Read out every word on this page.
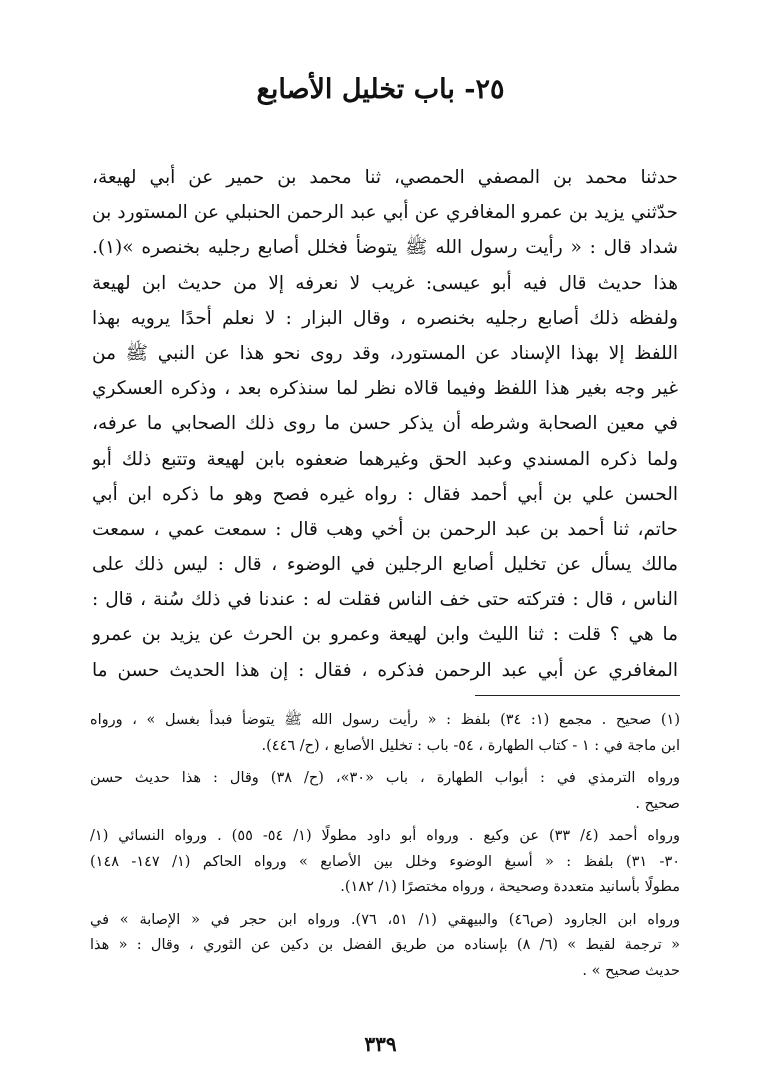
٢٥- باب تخليل الأصابع
حدثنا محمد بن المصفي الحمصي، ثنا محمد بن حمير عن أبي لهيعة،
حدّثني يزيد بن عمرو المغافري عن أبي عبد الرحمن الحنبلي عن المستورد بن
شداد قال : « رأيت رسول الله ﷺ يتوضأ فخلل أصابع رجليه بخنصره »(١).
هذا حديث قال فيه أبو عيسى: غريب لا نعرفه إلا من حديث ابن لهيعة
ولفظه ذلك أصابع رجليه بخنصره ، وقال البزار : لا نعلم أحدًا يرويه بهذا
اللفظ إلا بهذا الإسناد عن المستورد، وقد روى نحو هذا عن النبي ﷺ من
غير وجه بغير هذا اللفظ وفيما قالاه نظر لما سنذكره بعد ، وذكره العسكري
في معين الصحابة وشرطه أن يذكر حسن ما روى ذلك الصحابي ما عرفه،
ولما ذكره المسندي وعبد الحق وغيرهما ضعفوه بابن لهيعة وتتبع ذلك أبو
الحسن علي بن أبي أحمد فقال : رواه غيره فصح وهو ما ذكره ابن أبي
حاتم، ثنا أحمد بن عبد الرحمن بن أخي وهب قال : سمعت عمي ، سمعت
مالك يسأل عن تخليل أصابع الرجلين في الوضوء ، قال : ليس ذلك على
الناس ، قال : فتركته حتى خف الناس فقلت له : عندنا في ذلك سُنة ، قال :
ما هي ؟ قلت : ثنا الليث وابن لهيعة وعمرو بن الحرث عن يزيد بن عمرو
المغافري عن أبي عبد الرحمن فذكره ، فقال : إن هذا الحديث حسن ما
(١) صحيح . مجمع (١: ٣٤) بلفظ : « رأيت رسول الله ﷺ يتوضأ فبدأ بغسل » ، ورواه
ابن ماجة في : ١ - كتاب الطهارة ، ٥٤- باب : تخليل الأصابع ، (ح/ ٤٤٦).
ورواه الترمذي في : أبواب الطهارة ، باب «٣٠»، (ح/ ٣٨) وقال : هذا حديث حسن
صحيح .
ورواه أحمد (٤/ ٣٣) عن وكيع . ورواه أبو داود مطولًا (١/ ٥٤- ٥٥) . ورواه النسائي (١/
٣٠- ٣١) بلفظ : « أسبغ الوضوء وخلل بين الأصابع » ورواه الحاكم (١/ ١٤٧- ١٤٨)
مطولًا بأسانيد متعددة وصحيحة ، ورواه مختصرًا (١/ ١٨٢).
ورواه ابن الجارود (ص٤٦) والبيهقي (١/ ٥١، ٧٦). ورواه ابن حجر في « الإصابة » في
« ترجمة لقيط » (٦/ ٨) بإسناده من طريق الفضل بن دكين عن الثوري ، وقال : « هذا
حديث صحيح » .
٣٣٩
